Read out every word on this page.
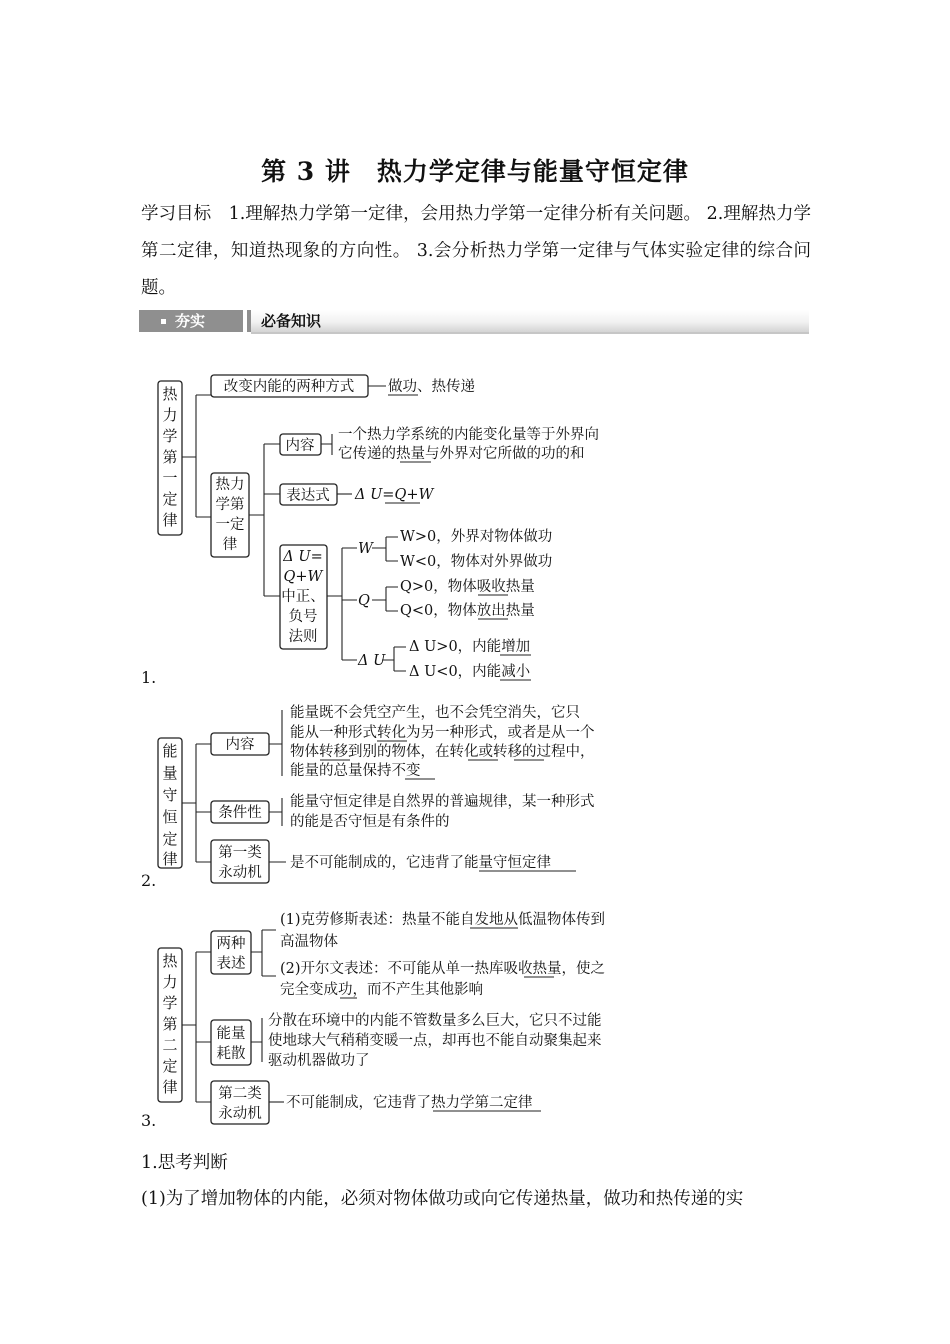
第 3 讲　热力学定律与能量守恒定律

学习目标　1.理解热力学第一定律，会用热力学第一定律分析有关问题。 2.理解热力学第二定律，知道热现象的方向性。 3.会分析热力学第一定律与气体实验定律的综合问题。

夯实	必备知识
热
力
学
第
一
定
律
改变内能的两种方式 做功、热传递
热力
学第
一定
律
内容
一个热力学系统的内能变化量等于外界向
它传递的热量与外界对它所做的功的和
表达式 Δ U=Q+W
Δ U=
Q+W
中正、
负号
法则
W
W>0，外界对物体做功
W<0，物体对外界做功
Q
Q>0，物体吸收热量
Q<0，物体放出热量
Δ U
Δ U>0，内能增加
Δ U<0，内能减小
能
量
守
恒
定
律
内容
能量既不会凭空产生，也不会凭空消失，它只
能从一种形式转化为另一种形式，或者是从一个
物体转移到别的物体，在转化或转移的过程中，
能量的总量保持不变
条件性
能量守恒定律是自然界的普遍规律，某一种形式
的能是否守恒是有条件的
第一类
永动机
是不可能制成的，它违背了能量守恒定律
热
力
学
第
二
定
律
两种
表述
(1)克劳修斯表述：热量不能自发地从低温物体传到
高温物体
(2)开尔文表述：不可能从单一热库吸收热量，使之
完全变成功，而不产生其他影响
能量
耗散
分散在环境中的内能不管数量多么巨大，它只不过能
使地球大气稍稍变暖一点，却再也不能自动聚集起来
驱动机器做功了
第二类
永动机
不可能制成，它违背了热力学第二定律
1.
2.
3.
1.思考判断
(1)为了增加物体的内能，必须对物体做功或向它传递热量，做功和热传递的实
